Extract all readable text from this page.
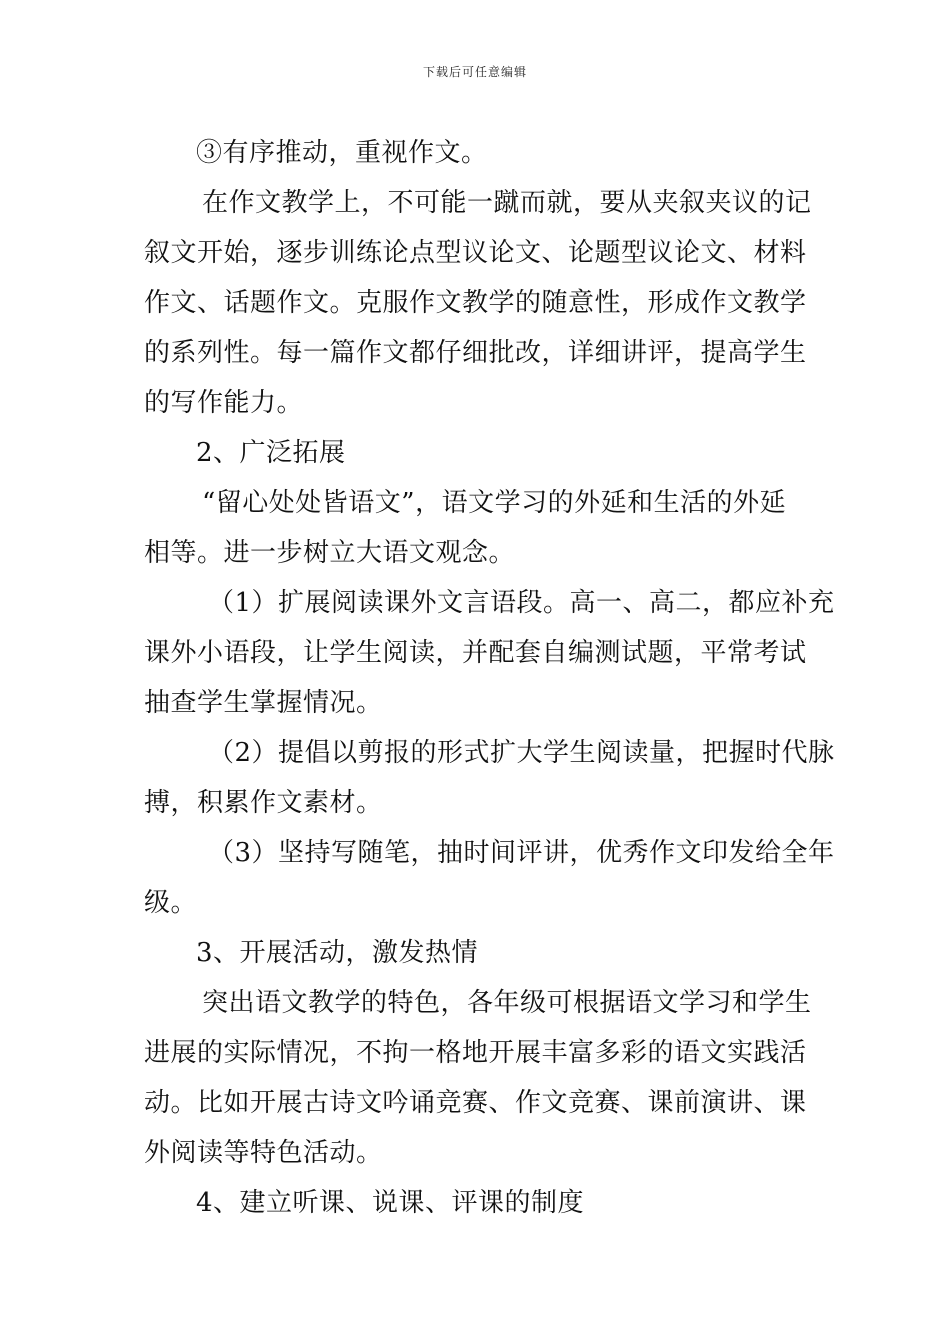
下载后可任意编辑
③有序推动，重视作文。
在作文教学上，不可能一蹴而就，要从夹叙夹议的记
叙文开始，逐步训练论点型议论文、论题型议论文、材料
作文、话题作文。克服作文教学的随意性，形成作文教学
的系列性。每一篇作文都仔细批改，详细讲评，提高学生
的写作能力。
2、广泛拓展
“留心处处皆语文”，语文学习的外延和生活的外延
相等。进一步树立大语文观念。
（1）扩展阅读课外文言语段。高一、高二，都应补充
课外小语段，让学生阅读，并配套自编测试题，平常考试
抽查学生掌握情况。
（2）提倡以剪报的形式扩大学生阅读量，把握时代脉
搏，积累作文素材。
（3）坚持写随笔，抽时间评讲，优秀作文印发给全年
级。
3、开展活动，激发热情
突出语文教学的特色，各年级可根据语文学习和学生
进展的实际情况，不拘一格地开展丰富多彩的语文实践活
动。比如开展古诗文吟诵竞赛、作文竞赛、课前演讲、课
外阅读等特色活动。
4、建立听课、说课、评课的制度
